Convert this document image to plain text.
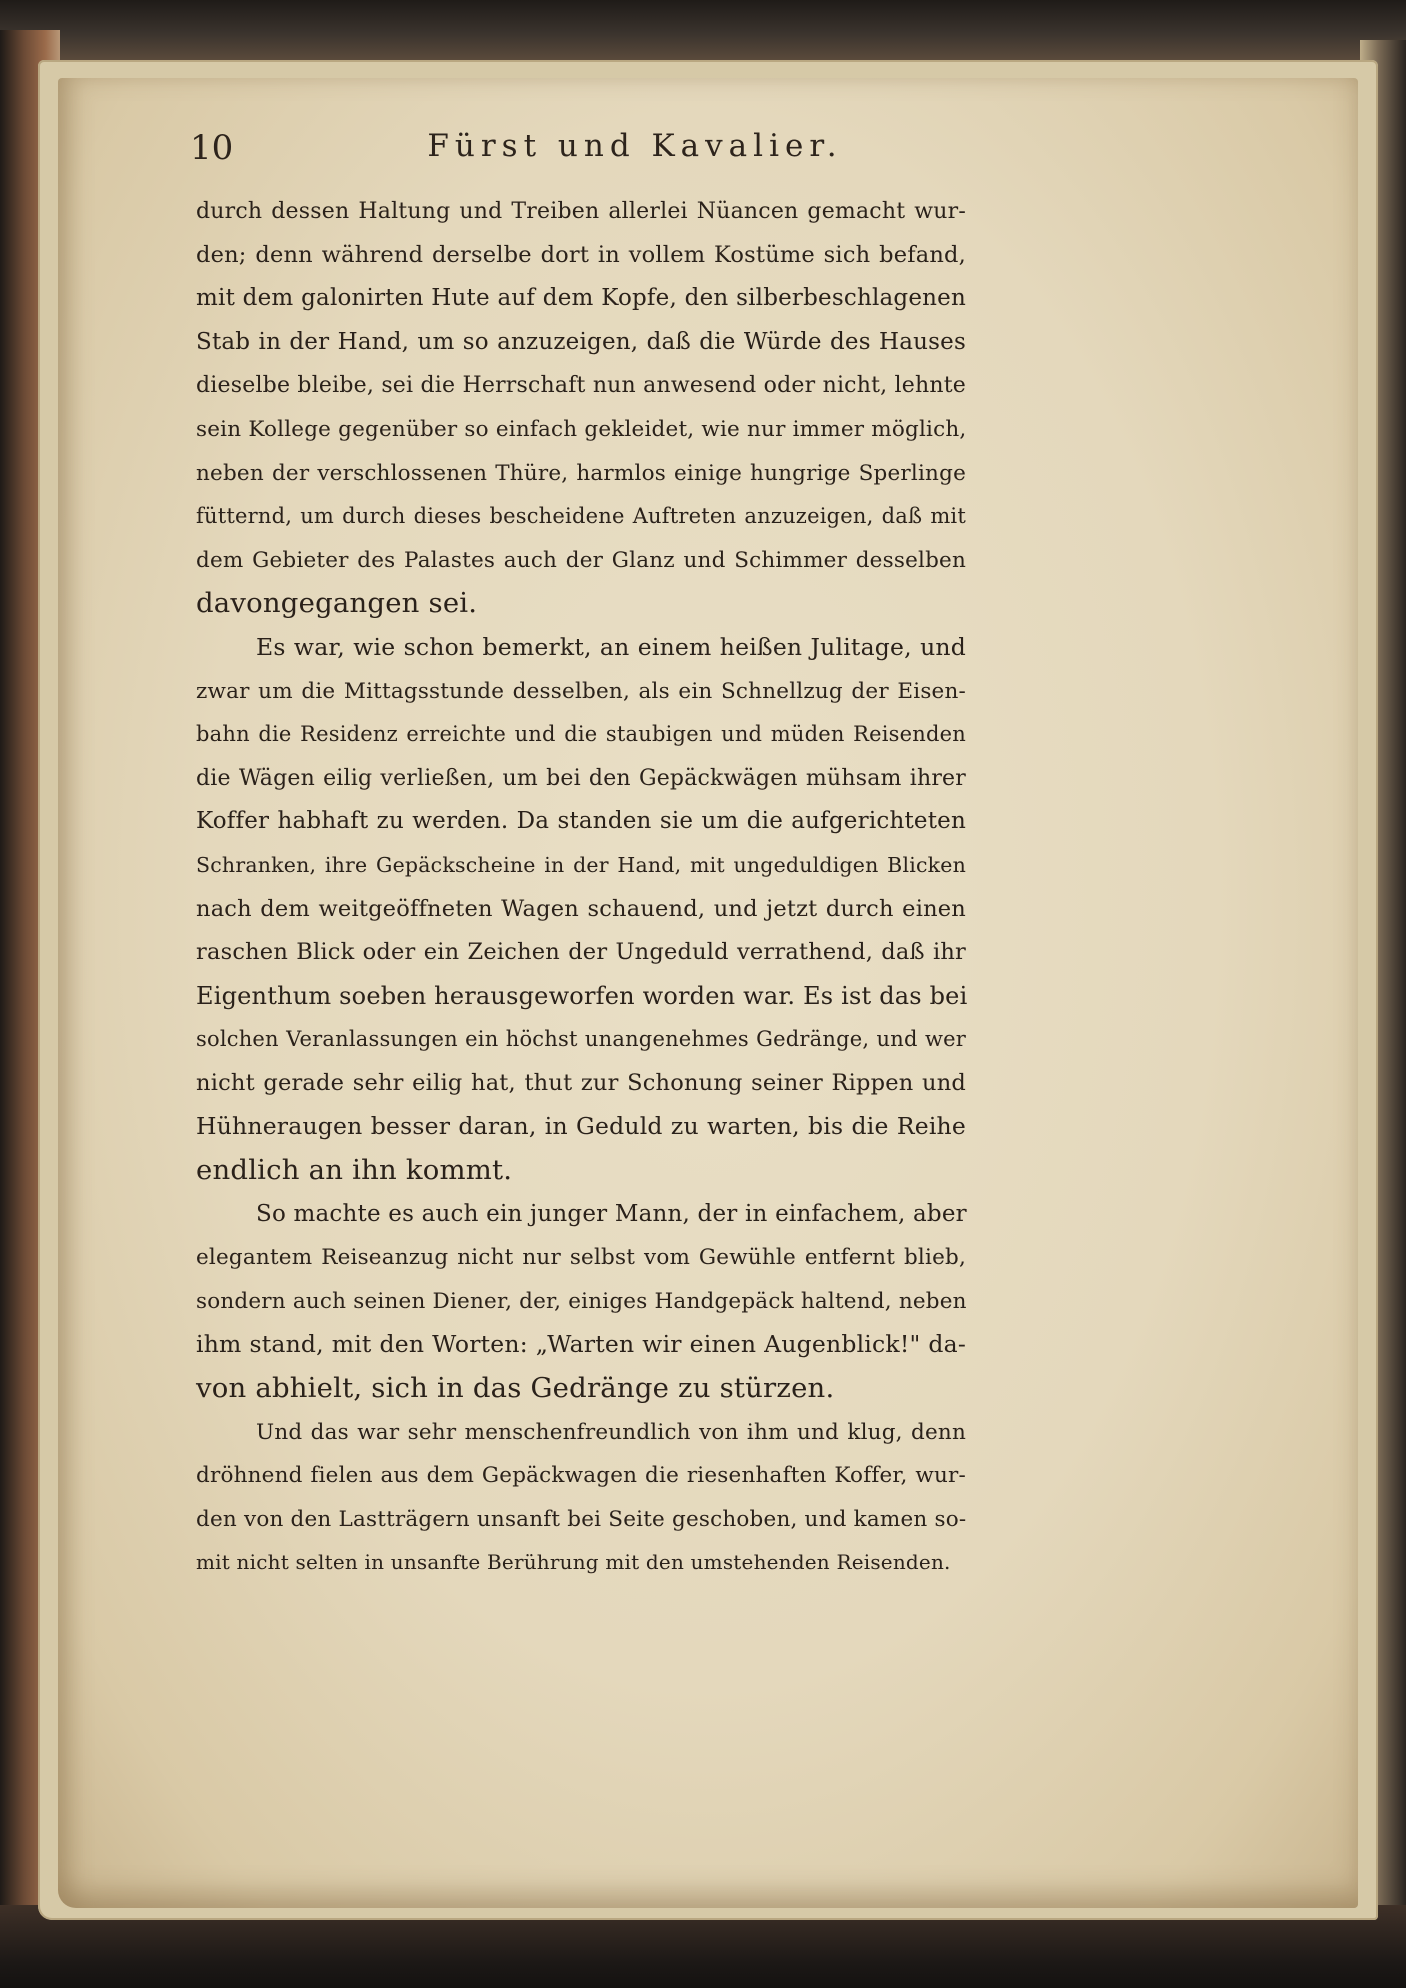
10	Fürst und Kavalier.
durch dessen Haltung und Treiben allerlei Nüancen gemacht wur-
den; denn während derselbe dort in vollem Kostüme sich befand,
mit dem galonirten Hute auf dem Kopfe, den silberbeschlagenen
Stab in der Hand, um so anzuzeigen, daß die Würde des Hauses
dieselbe bleibe, sei die Herrschaft nun anwesend oder nicht, lehnte
sein Kollege gegenüber so einfach gekleidet, wie nur immer möglich,
neben der verschlossenen Thüre, harmlos einige hungrige Sperlinge
fütternd, um durch dieses bescheidene Auftreten anzuzeigen, daß mit
dem Gebieter des Palastes auch der Glanz und Schimmer desselben
davongegangen sei.
Es war, wie schon bemerkt, an einem heißen Julitage, und
zwar um die Mittagsstunde desselben, als ein Schnellzug der Eisen-
bahn die Residenz erreichte und die staubigen und müden Reisenden
die Wägen eilig verließen, um bei den Gepäckwägen mühsam ihrer
Koffer habhaft zu werden. Da standen sie um die aufgerichteten
Schranken, ihre Gepäckscheine in der Hand, mit ungeduldigen Blicken
nach dem weitgeöffneten Wagen schauend, und jetzt durch einen
raschen Blick oder ein Zeichen der Ungeduld verrathend, daß ihr
Eigenthum soeben herausgeworfen worden war. Es ist das bei
solchen Veranlassungen ein höchst unangenehmes Gedränge, und wer
nicht gerade sehr eilig hat, thut zur Schonung seiner Rippen und
Hühneraugen besser daran, in Geduld zu warten, bis die Reihe
endlich an ihn kommt.
So machte es auch ein junger Mann, der in einfachem, aber
elegantem Reiseanzug nicht nur selbst vom Gewühle entfernt blieb,
sondern auch seinen Diener, der, einiges Handgepäck haltend, neben
ihm stand, mit den Worten: „Warten wir einen Augenblick!" da-
von abhielt, sich in das Gedränge zu stürzen.
Und das war sehr menschenfreundlich von ihm und klug, denn
dröhnend fielen aus dem Gepäckwagen die riesenhaften Koffer, wur-
den von den Lastträgern unsanft bei Seite geschoben, und kamen so-
mit nicht selten in unsanfte Berührung mit den umstehenden Reisenden.
